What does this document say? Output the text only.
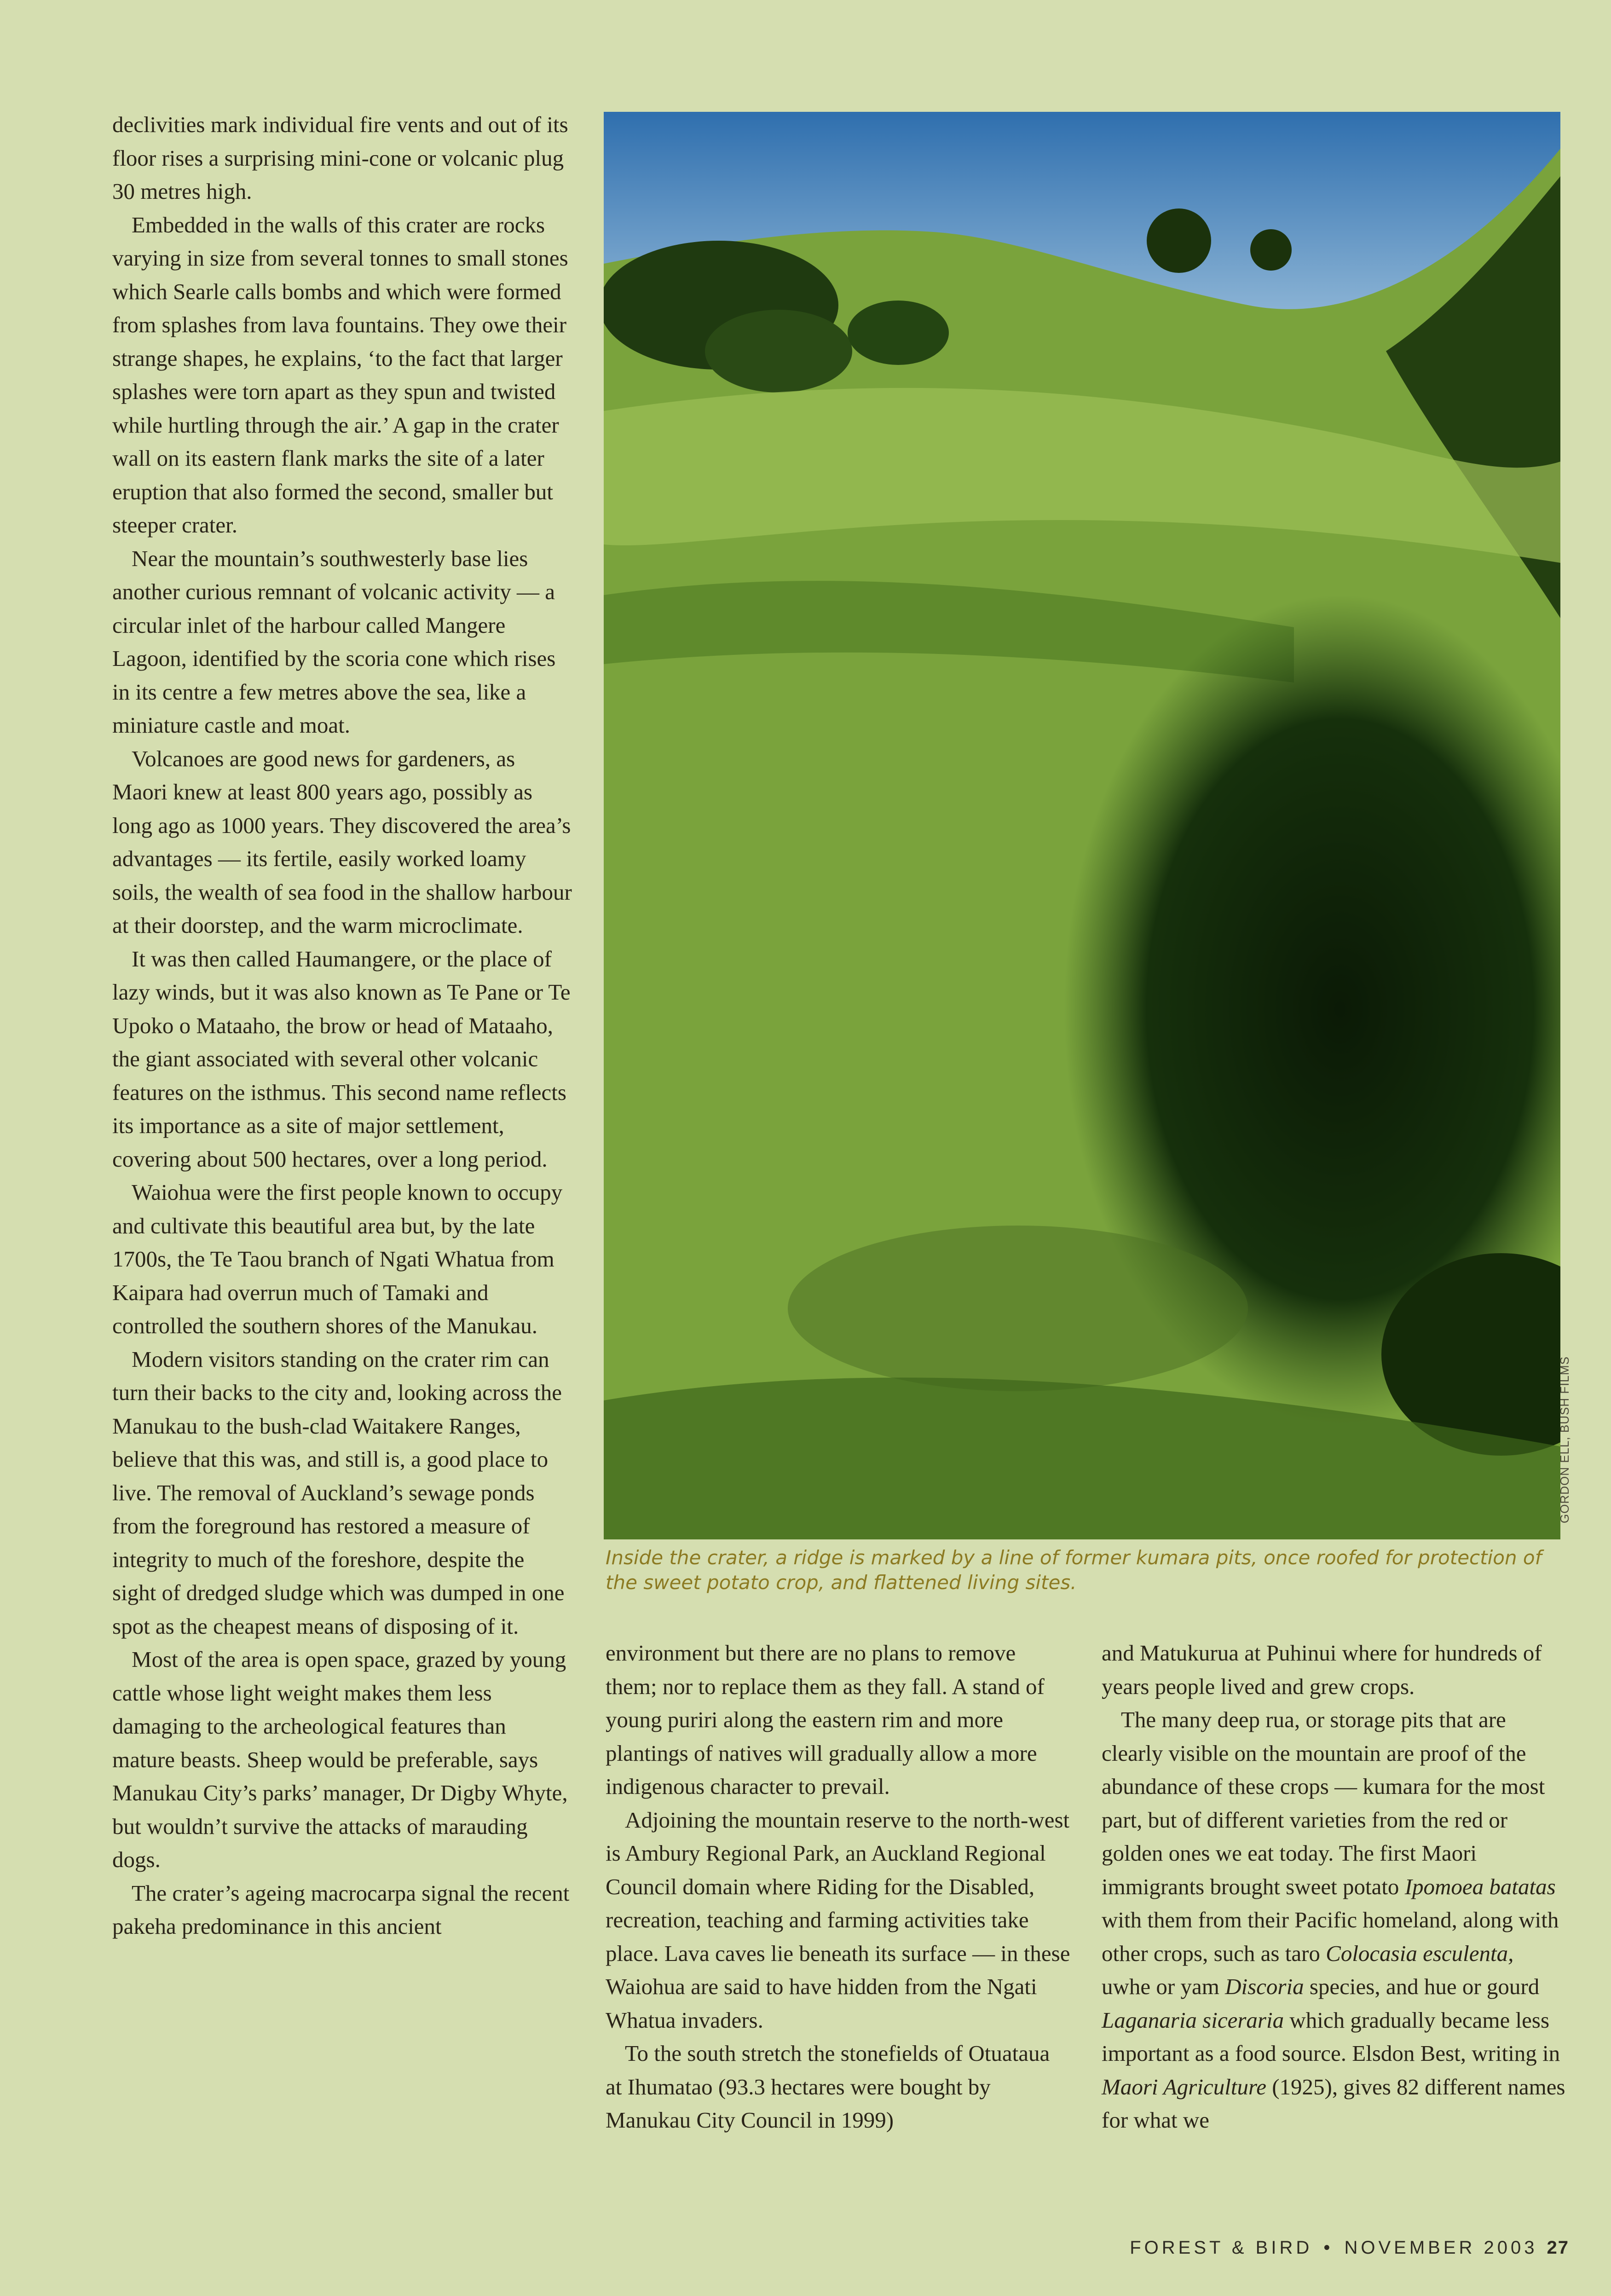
declivities mark individual fire vents and out of its floor rises a surprising mini-cone or volcanic plug 30 metres high.

Embedded in the walls of this crater are rocks varying in size from several tonnes to small stones which Searle calls bombs and which were formed from splashes from lava fountains. They owe their strange shapes, he explains, ‘to the fact that larger splashes were torn apart as they spun and twisted while hurtling through the air.’ A gap in the crater wall on its eastern flank marks the site of a later eruption that also formed the second, smaller but steeper crater.

Near the mountain’s southwesterly base lies another curious remnant of volcanic activity — a circular inlet of the harbour called Mangere Lagoon, identified by the scoria cone which rises in its centre a few metres above the sea, like a miniature castle and moat.

Volcanoes are good news for gardeners, as Maori knew at least 800 years ago, possibly as long ago as 1000 years. They discovered the area’s advantages — its fertile, easily worked loamy soils, the wealth of sea food in the shallow harbour at their doorstep, and the warm microclimate.

It was then called Haumangere, or the place of lazy winds, but it was also known as Te Pane or Te Upoko o Mataaho, the brow or head of Mataaho, the giant associated with several other volcanic features on the isthmus. This second name reflects its importance as a site of major settlement, covering about 500 hectares, over a long period.

Waiohua were the first people known to occupy and cultivate this beautiful area but, by the late 1700s, the Te Taou branch of Ngati Whatua from Kaipara had overrun much of Tamaki and controlled the southern shores of the Manukau.

Modern visitors standing on the crater rim can turn their backs to the city and, looking across the Manukau to the bush-clad Waitakere Ranges, believe that this was, and still is, a good place to live. The removal of Auckland’s sewage ponds from the foreground has restored a measure of integrity to much of the foreshore, despite the sight of dredged sludge which was dumped in one spot as the cheapest means of disposing of it.

Most of the area is open space, grazed by young cattle whose light weight makes them less damaging to the archeological features than mature beasts. Sheep would be preferable, says Manukau City’s parks’ manager, Dr Digby Whyte, but wouldn’t survive the attacks of marauding dogs.

The crater’s ageing macrocarpa signal the recent pakeha predominance in this ancient

GORDON ELL, BUSH FILMS
Inside the crater, a ridge is marked by a line of former kumara pits, once roofed for protection of the sweet potato crop, and flattened living sites.

environment but there are no plans to remove them; nor to replace them as they fall. A stand of young puriri along the eastern rim and more plantings of natives will gradually allow a more indigenous character to prevail.

Adjoining the mountain reserve to the north-west is Ambury Regional Park, an Auckland Regional Council domain where Riding for the Disabled, recreation, teaching and farming activities take place. Lava caves lie beneath its surface — in these Waiohua are said to have hidden from the Ngati Whatua invaders.

To the south stretch the stonefields of Otuataua at Ihumatao (93.3 hectares were bought by Manukau City Council in 1999)

and Matukurua at Puhinui where for hundreds of years people lived and grew crops.

The many deep rua, or storage pits that are clearly visible on the mountain are proof of the abundance of these crops — kumara for the most part, but of different varieties from the red or golden ones we eat today. The first Maori immigrants brought sweet potato Ipomoea batatas with them from their Pacific homeland, along with other crops, such as taro Colocasia esculenta, uwhe or yam Discoria species, and hue or gourd Laganaria siceraria which gradually became less important as a food source. Elsdon Best, writing in Maori Agriculture (1925), gives 82 different names for what we

FOREST & BIRD • NOVEMBER 2003 27
